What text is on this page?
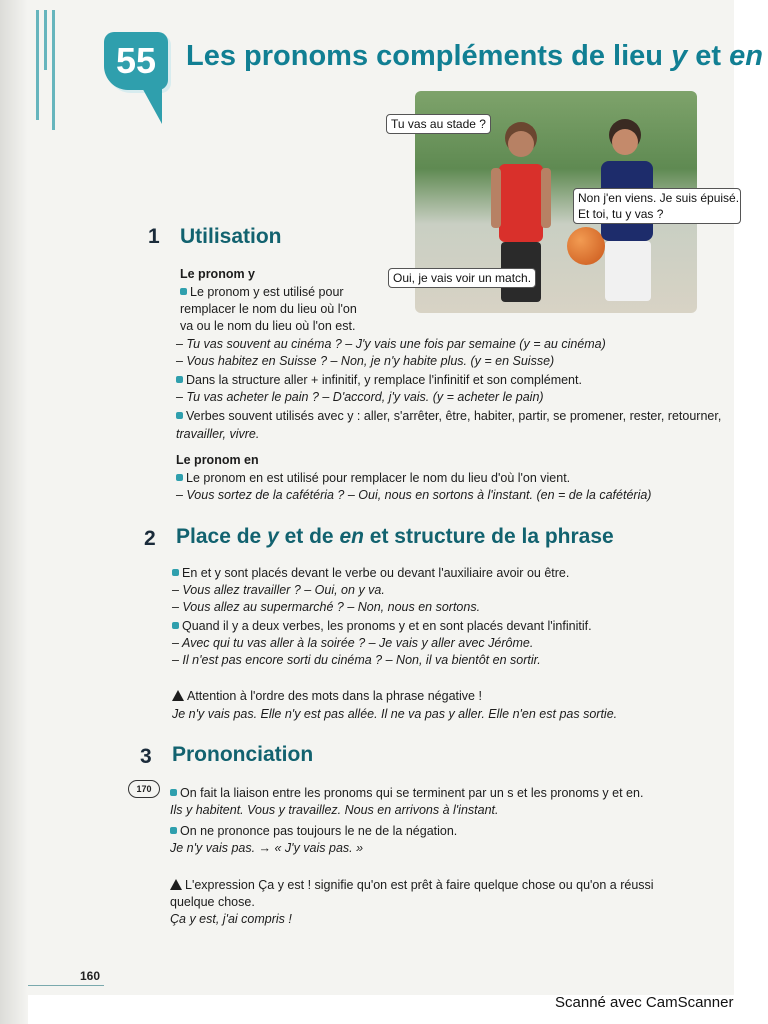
55	Les pronoms compléments de lieu y et en
Tu vas au stade ?
Non j'en viens. Je suis épuisé.
Et toi, tu y vas ?
Oui, je vais voir un match.
1 Utilisation
Le pronom y
Le pronom y est utilisé pour
remplacer le nom du lieu où l'on
va ou le nom du lieu où l'on est.
– Tu vas souvent au cinéma ? – J'y vais une fois par semaine (y = au cinéma)
– Vous habitez en Suisse ? – Non, je n'y habite plus. (y = en Suisse)
Dans la structure aller + infinitif, y remplace l'infinitif et son complément.
– Tu vas acheter le pain ? – D'accord, j'y vais. (y = acheter le pain)
Verbes souvent utilisés avec y : aller, s'arrêter, être, habiter, partir, se promener, rester, retourner,
travailler, vivre.
Le pronom en
Le pronom en est utilisé pour remplacer le nom du lieu d'où l'on vient.
– Vous sortez de la cafétéria ? – Oui, nous en sortons à l'instant. (en = de la cafétéria)
2 Place de y et de en et structure de la phrase
En et y sont placés devant le verbe ou devant l'auxiliaire avoir ou être.
– Vous allez travailler ? – Oui, on y va.
– Vous allez au supermarché ? – Non, nous en sortons.
Quand il y a deux verbes, les pronoms y et en sont placés devant l'infinitif.
– Avec qui tu vas aller à la soirée ? – Je vais y aller avec Jérôme.
– Il n'est pas encore sorti du cinéma ? – Non, il va bientôt en sortir.
Attention à l'ordre des mots dans la phrase négative !
Je n'y vais pas. Elle n'y est pas allée. Il ne va pas y aller. Elle n'en est pas sortie.
3 Prononciation
170	On fait la liaison entre les pronoms qui se terminent par un s et les pronoms y et en.
Ils y habitent. Vous y travaillez. Nous en arrivons à l'instant.
On ne prononce pas toujours le ne de la négation.
Je n'y vais pas. → « J'y vais pas. »
L'expression Ça y est ! signifie qu'on est prêt à faire quelque chose ou qu'on a réussi
quelque chose.
Ça y est, j'ai compris !
160
Scanné avec CamScanner
